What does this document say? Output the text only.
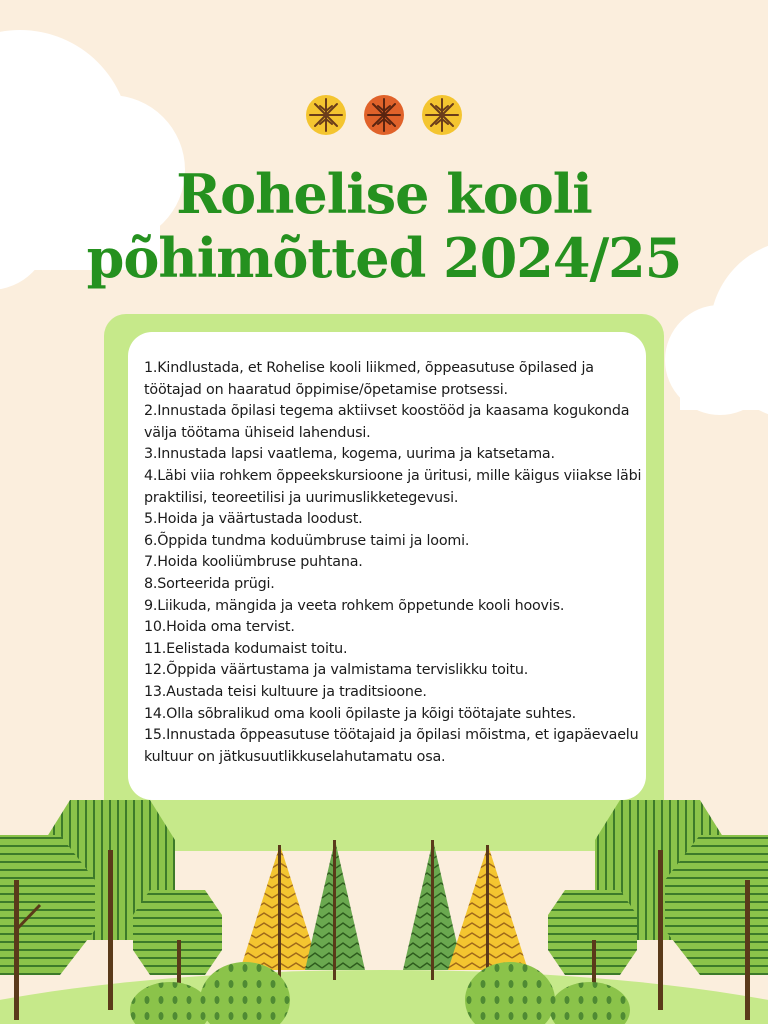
Rohelise kooli
põhimõtted 2024/25
1.Kindlustada, et Rohelise kooli liikmed, õppeasutuse õpilased ja töötajad on haaratud õppimise/õpetamise protsessi.
2.Innustada õpilasi tegema aktiivset koostööd ja kaasama kogukonda välja töötama ühiseid lahendusi.
3.Innustada lapsi vaatlema, kogema, uurima ja katsetama.
4.Läbi viia rohkem õppeekskursioone ja üritusi, mille käigus viiakse läbi praktilisi, teoreetilisi ja uurimuslikketegevusi.
5.Hoida ja väärtustada loodust.
6.Õppida tundma koduümbruse taimi ja loomi.
7.Hoida kooliümbruse puhtana.
8.Sorteerida prügi.
9.Liikuda, mängida ja veeta rohkem õppetunde kooli hoovis.
10.Hoida oma tervist.
11.Eelistada kodumaist toitu.
12.Õppida väärtustama ja valmistama tervislikku toitu.
13.Austada teisi kultuure ja traditsioone.
14.Olla sõbralikud oma kooli õpilaste ja kõigi töötajate suhtes.
15.Innustada õppeasutuse töötajaid ja õpilasi mõistma, et igapäevaelu kultuur on jätkusuutlikkuselahutamatu osa.
